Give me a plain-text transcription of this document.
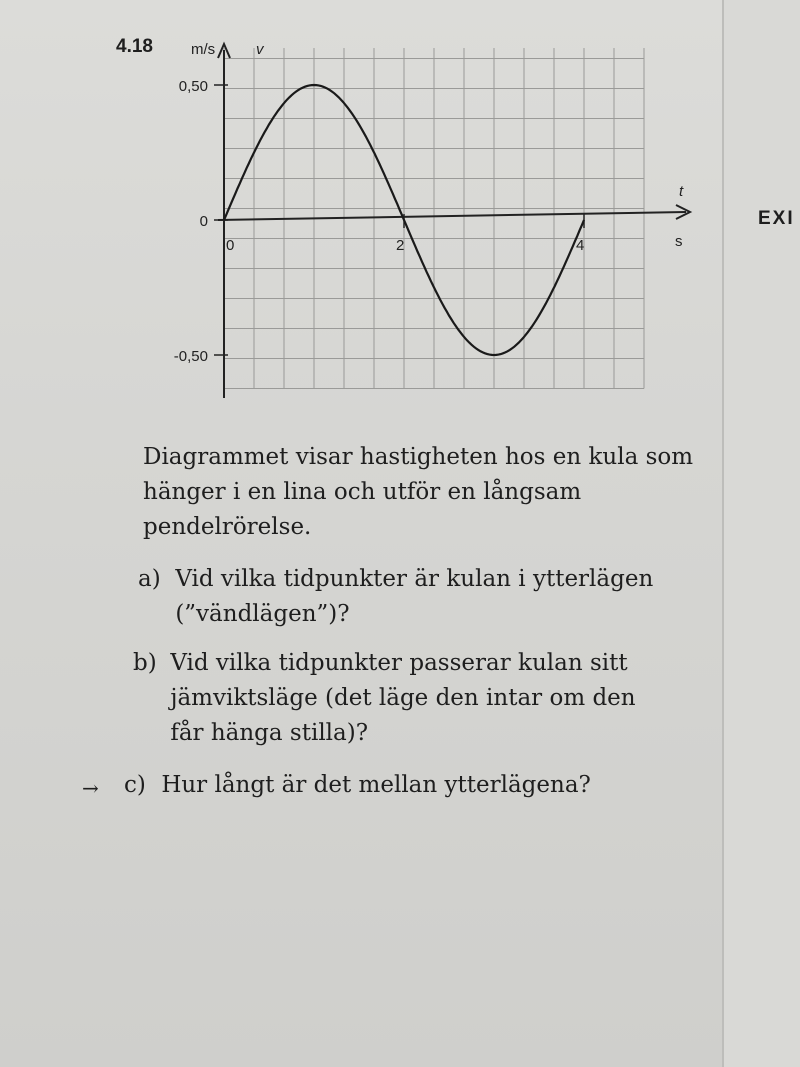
4.18
EXI
0	2	4
0,50
0
-0,50
t
s
v
m/s
Diagrammet visar hastigheten hos en kula som hänger i en lina och utför en långsam pendelrörelse.
a) Vid vilka tidpunkter är kulan i ytterlägen (”vändlägen”)?
b) Vid vilka tidpunkter passerar kulan sitt jämviktsläge (det läge den intar om den får hänga stilla)?
→ c) Hur långt är det mellan ytterlägena?
